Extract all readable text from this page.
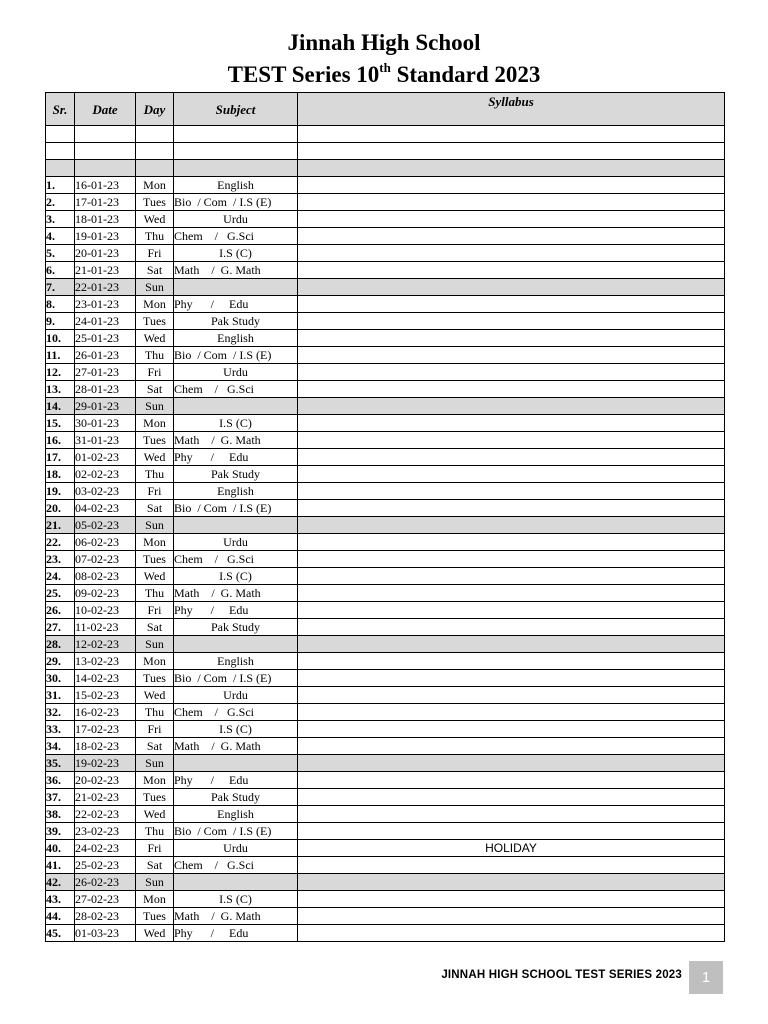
Jinnah High School
TEST Series 10th Standard 2023
Sr.	Date	Day	Subject	Syllabus

1.	16-01-23	Mon	English	
2.	17-01-23	Tues	Bio  / Com  / I.S (E)	
3.	18-01-23	Wed	Urdu	
4.	19-01-23	Thu	Chem    /   G.Sci	
5.	20-01-23	Fri	I.S (C)	
6.	21-01-23	Sat	Math    /  G. Math	
7.	22-01-23	Sun		
8.	23-01-23	Mon	Phy      /     Edu	
9.	24-01-23	Tues	Pak Study	
10.	25-01-23	Wed	English	
11.	26-01-23	Thu	Bio  / Com  / I.S (E)	
12.	27-01-23	Fri	Urdu	
13.	28-01-23	Sat	Chem    /   G.Sci	
14.	29-01-23	Sun		
15.	30-01-23	Mon	I.S (C)	
16.	31-01-23	Tues	Math    /  G. Math	
17.	01-02-23	Wed	Phy      /     Edu	
18.	02-02-23	Thu	Pak Study	
19.	03-02-23	Fri	English	
20.	04-02-23	Sat	Bio  / Com  / I.S (E)	
21.	05-02-23	Sun		
22.	06-02-23	Mon	Urdu	
23.	07-02-23	Tues	Chem    /   G.Sci	
24.	08-02-23	Wed	I.S (C)	
25.	09-02-23	Thu	Math    /  G. Math	
26.	10-02-23	Fri	Phy      /     Edu	
27.	11-02-23	Sat	Pak Study	
28.	12-02-23	Sun		
29.	13-02-23	Mon	English	
30.	14-02-23	Tues	Bio  / Com  / I.S (E)	
31.	15-02-23	Wed	Urdu	
32.	16-02-23	Thu	Chem    /   G.Sci	
33.	17-02-23	Fri	I.S (C)	
34.	18-02-23	Sat	Math    /  G. Math	
35.	19-02-23	Sun		
36.	20-02-23	Mon	Phy      /     Edu	
37.	21-02-23	Tues	Pak Study	
38.	22-02-23	Wed	English	
39.	23-02-23	Thu	Bio  / Com  / I.S (E)	
40.	24-02-23	Fri	Urdu	HOLIDAY
41.	25-02-23	Sat	Chem    /   G.Sci	
42.	26-02-23	Sun		
43.	27-02-23	Mon	I.S (C)	
44.	28-02-23	Tues	Math    /  G. Math	
45.	01-03-23	Wed	Phy      /     Edu	
JINNAH HIGH SCHOOL TEST SERIES 2023	1
